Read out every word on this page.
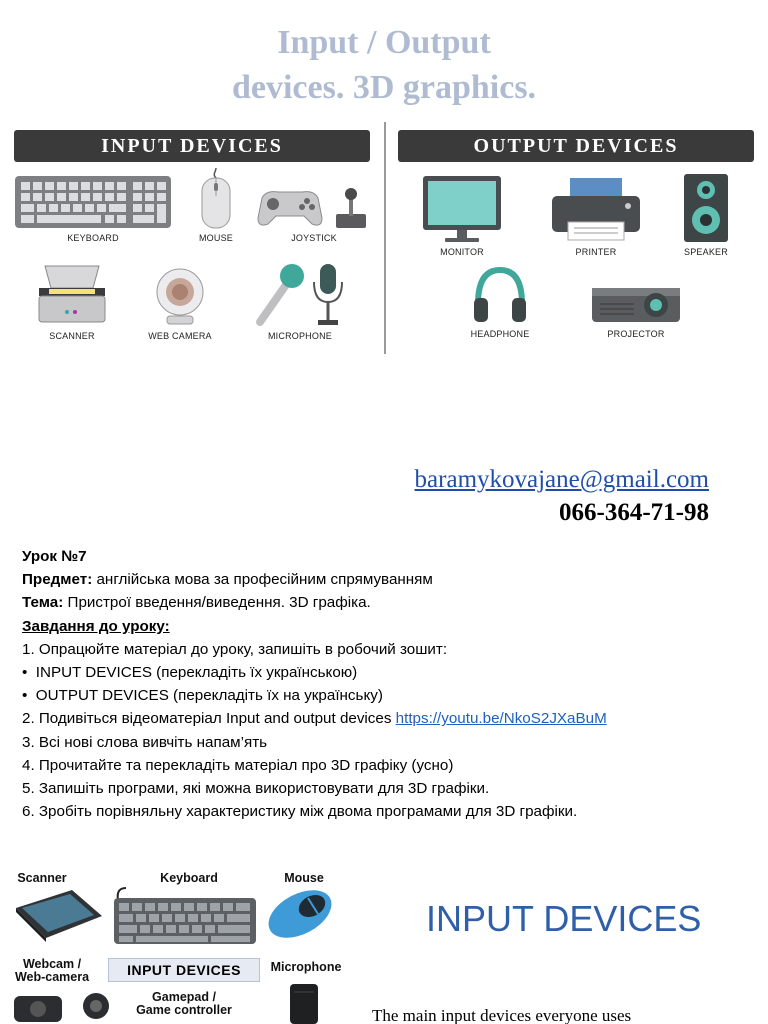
Input / Output
devices. 3D graphics.
INPUT DEVICES	OUTPUT DEVICES
KEYBOARD	MOUSE	JOYSTICK
SCANNER	WEB CAMERA	MICROPHONE
MONITOR	PRINTER	SPEAKER
HEADPHONE	PROJECTOR
baramykovajane@gmail.com
066-364-71-98
Урок №7
Предмет: англійська мова за професійним спрямуванням
Тема: Пристрої введення/виведення. 3D графіка.
Завдання до уроку:
1. Опрацюйте матеріал до уроку, запишіть в робочий зошит:
•  INPUT DEVICES (перекладіть їх українською)
•  OUTPUT DEVICES (перекладіть їх на українську)
2. Подивіться відеоматеріал Input and output devices https://youtu.be/NkoS2JXaBuM
3. Всі нові слова вивчіть напам’ять
4. Прочитайте та перекладіть матеріал про 3D графіку (усно)
5. Запишіть програми, які можна використовувати для 3D графіки.
6. Зробіть порівняльну характеристику між двома програмами для 3D графіки.
Scanner	Keyboard	Mouse
Webcam /
Web-camera	INPUT DEVICES	Microphone
Gamepad /
Game controller
INPUT DEVICES
The main input devices everyone uses
